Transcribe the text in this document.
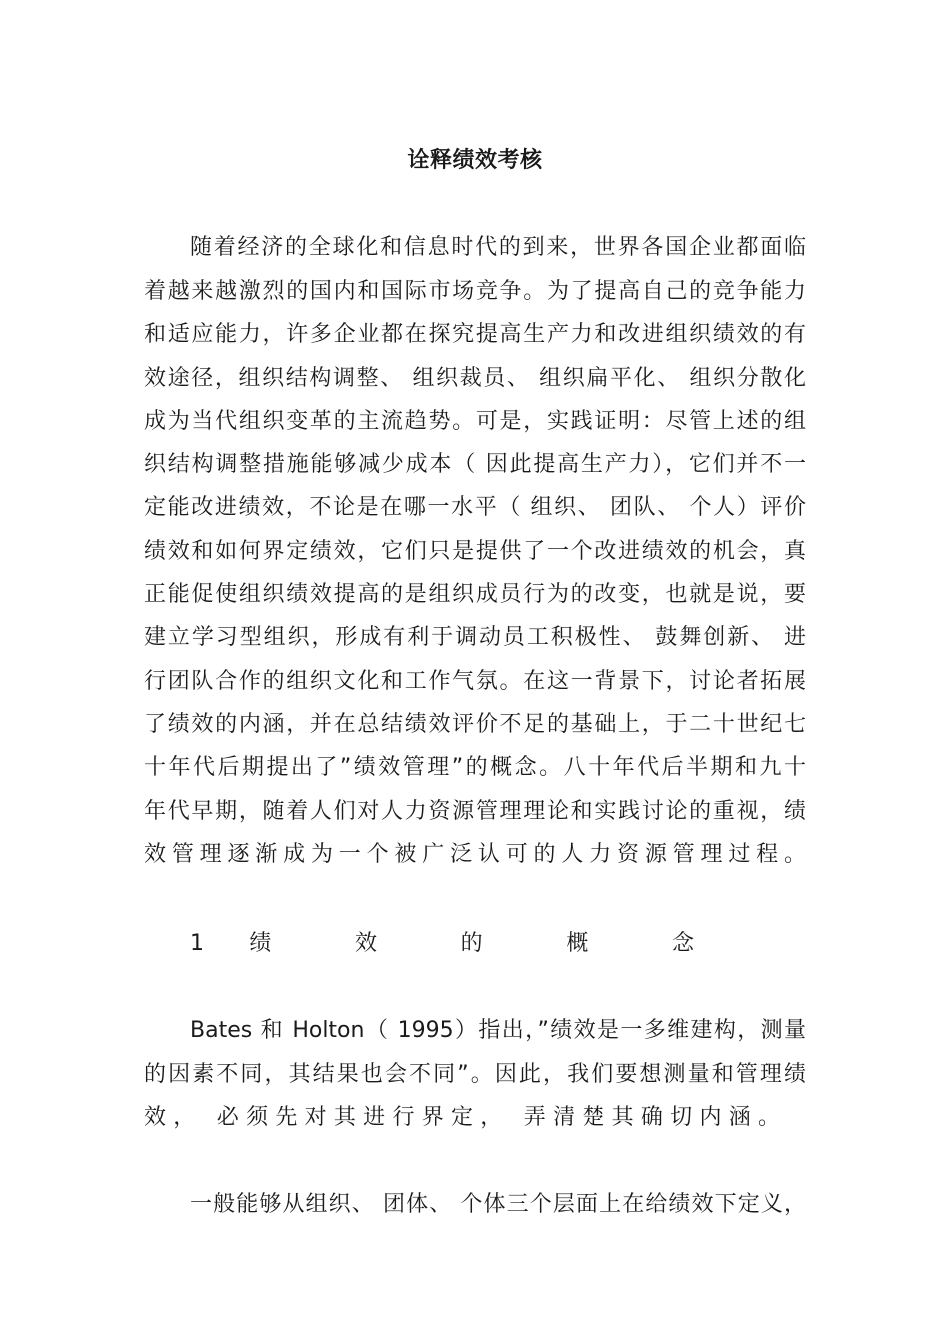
诠释绩效考核
随着经济的全球化和信息时代的到来，世界各国企业都面临
着越来越激烈的国内和国际市场竞争。为了提高自己的竞争能力
和适应能力，许多企业都在探究提高生产力和改进组织绩效的有
效途径，组织结构调整、 组织裁员、 组织扁平化、 组织分散化
成为当代组织变革的主流趋势。可是，实践证明：尽管上述的组
织结构调整措施能够减少成本（ 因此提高生产力），它们并不一
定能改进绩效，不论是在哪一水平（ 组织、 团队、 个人）评价
绩效和如何界定绩效，它们只是提供了一个改进绩效的机会，真
正能促使组织绩效提高的是组织成员行为的改变，也就是说，要
建立学习型组织，形成有利于调动员工积极性、 鼓舞创新、 进
行团队合作的组织文化和工作气氛。在这一背景下，讨论者拓展
了绩效的内涵，并在总结绩效评价不足的基础上，于二十世纪七
十年代后期提出了”绩效管理”的概念。八十年代后半期和九十
年代早期，随着人们对人力资源管理理论和实践讨论的重视，绩
效管理逐渐成为一个被广泛认可的人力资源管理过程。
1 绩 效 的 概 念
Bates 和 Holton（ 1995）指出，”绩效是一多维建构，测量
的因素不同，其结果也会不同”。因此，我们要想测量和管理绩
效， 必须先对其进行界定， 弄清楚其确切内涵。
一般能够从组织、 团体、 个体三个层面上在给绩效下定义，
